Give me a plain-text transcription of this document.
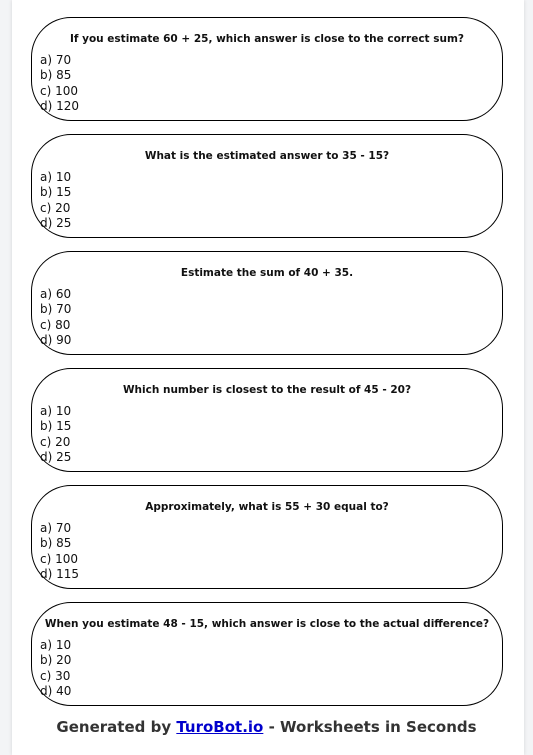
If you estimate 60 + 25, which answer is close to the correct sum?
a) 70
b) 85
c) 100
d) 120
What is the estimated answer to 35 - 15?
a) 10
b) 15
c) 20
d) 25
Estimate the sum of 40 + 35.
a) 60
b) 70
c) 80
d) 90
Which number is closest to the result of 45 - 20?
a) 10
b) 15
c) 20
d) 25
Approximately, what is 55 + 30 equal to?
a) 70
b) 85
c) 100
d) 115
When you estimate 48 - 15, which answer is close to the actual difference?
a) 10
b) 20
c) 30
d) 40
Generated by TuroBot.io - Worksheets in Seconds
